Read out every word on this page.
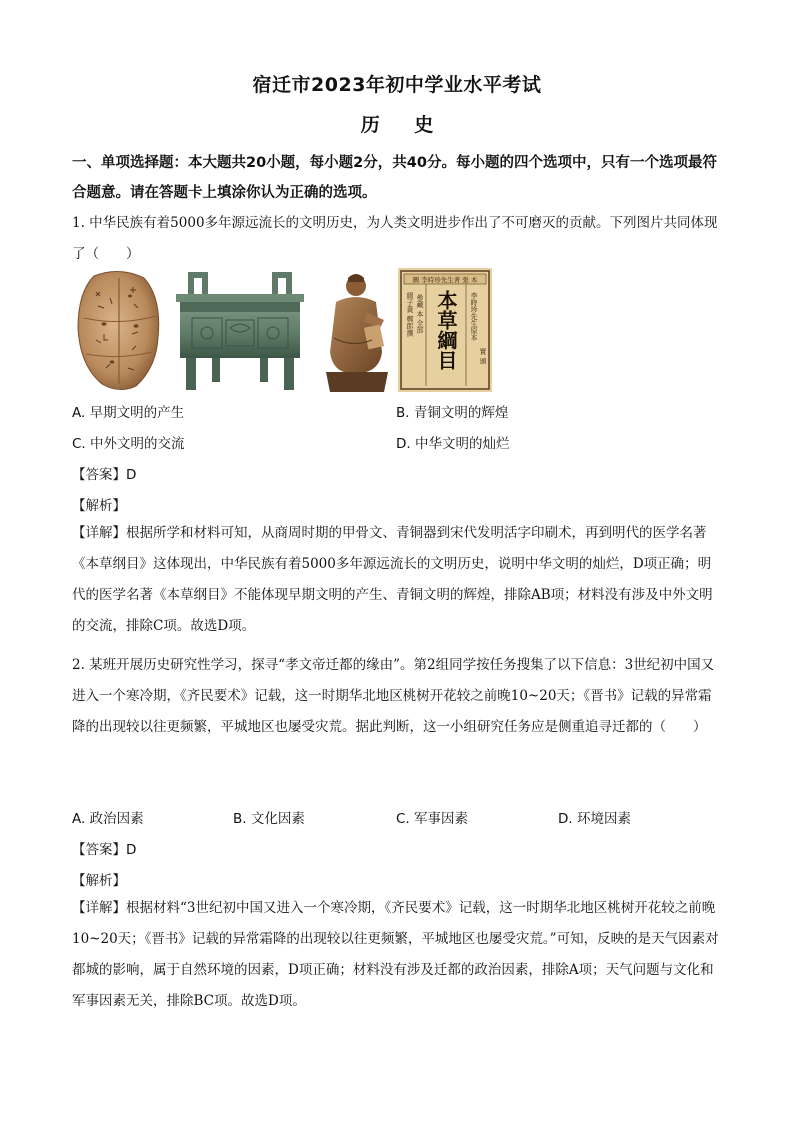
宿迁市2023年初中学业水平考试
历 史
一、单项选择题：本大题共20小题，每小题2分，共40分。每小题的四个选项中，只有一个选项最符合题意。请在答题卡上填涂你认为正确的选项。
1. 中华民族有着5000多年源远流长的文明历史，为人类文明进步作出了不可磨灭的贡献。下列图片共同体现了（　　）
圖 李時珍先生著 張 本
綴子黃 鄭郎撰 參藏 本 全部 本草綱目 李時珍先生原本
實 頒
A. 早期文明的产生	B. 青铜文明的辉煌
C. 中外文明的交流	D. 中华文明的灿烂
【答案】D
【解析】
【详解】根据所学和材料可知，从商周时期的甲骨文、青铜器到宋代发明活字印刷术，再到明代的医学名著《本草纲目》这体现出，中华民族有着5000多年源远流长的文明历史，说明中华文明的灿烂，D项正确；明代的医学名著《本草纲目》不能体现早期文明的产生、青铜文明的辉煌，排除AB项；材料没有涉及中外文明的交流，排除C项。故选D项。
2. 某班开展历史研究性学习，探寻“孝文帝迁都的缘由”。第2组同学按任务搜集了以下信息：3世纪初中国又进入一个寒冷期，《齐民要术》记载，这一时期华北地区桃树开花较之前晚10~20天；《晋书》记载的异常霜降的出现较以往更频繁，平城地区也屡受灾荒。据此判断，这一小组研究任务应是侧重追寻迁都的（　　）
A. 政治因素	B. 文化因素	C. 军事因素	D. 环境因素
【答案】D
【解析】
【详解】根据材料“3世纪初中国又进入一个寒冷期，《齐民要术》记载，这一时期华北地区桃树开花较之前晚10~20天；《晋书》记载的异常霜降的出现较以往更频繁，平城地区也屡受灾荒。”可知，反映的是天气因素对都城的影响，属于自然环境的因素，D项正确；材料没有涉及迁都的政治因素，排除A项；天气问题与文化和军事因素无关，排除BC项。故选D项。
